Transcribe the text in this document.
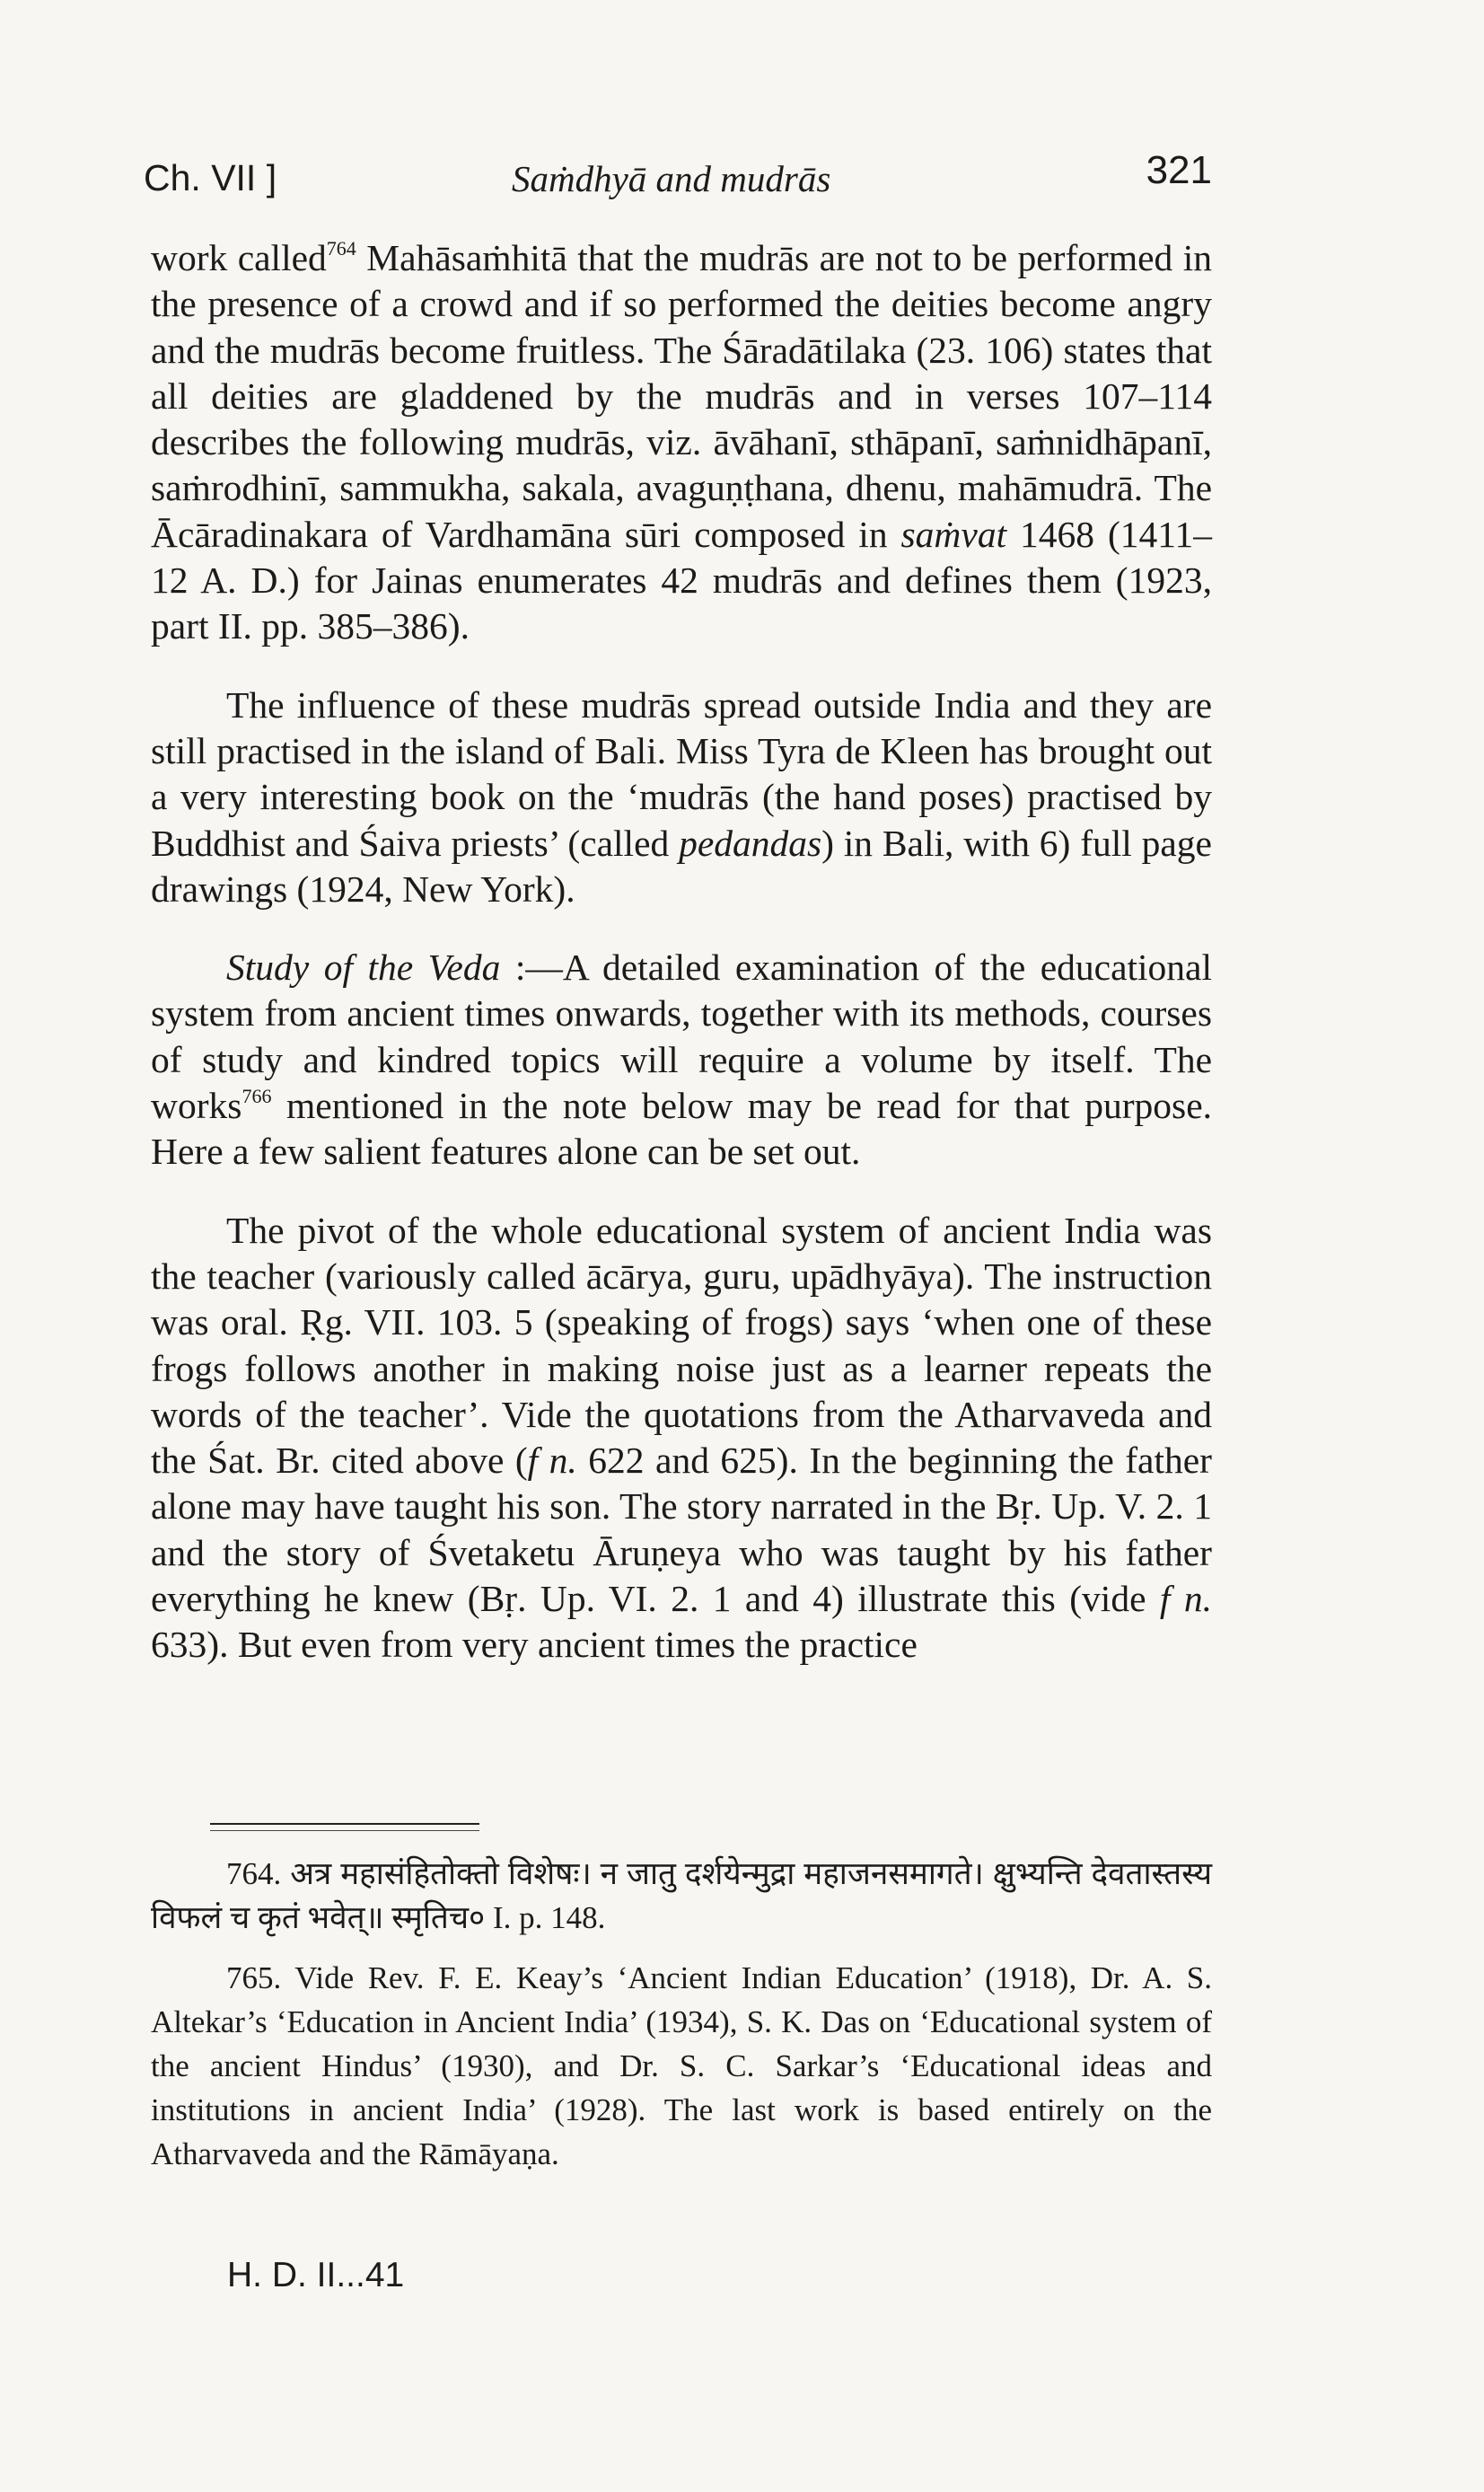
Ch. VII ]	Saṁdhyā and mudrās	321

work called$^{764}$ Mahāsaṁhitā that the mudrās are not to be performed in the presence of a crowd and if so performed the deities become angry and the mudrās become fruitless. The Śāradātilaka (23. 106) states that all deities are gladdened by the mudrās and in verses 107–114 describes the following mudrās, viz. āvāhanī, sthāpanī, saṁnidhāpanī, saṁrodhinī, sammukha, sakala, avaguṇṭhana, dhenu, mahāmudrā. The Ācāradinakara of Vardhamāna sūri composed in saṁvat 1468 (1411–12 A. D.) for Jainas enumerates 42 mudrās and defines them (1923, part II. pp. 385–386).

The influence of these mudrās spread outside India and they are still practised in the island of Bali. Miss Tyra de Kleen has brought out a very interesting book on the ‘mudrās (the hand poses) practised by Buddhist and Śaiva priests’ (called pedandas) in Bali, with 6) full page drawings (1924, New York).

Study of the Veda :—A detailed examination of the educational system from ancient times onwards, together with its methods, courses of study and kindred topics will require a volume by itself. The works$^{766}$ mentioned in the note below may be read for that purpose. Here a few salient features alone can be set out.

The pivot of the whole educational system of ancient India was the teacher (variously called ācārya, guru, upādhyāya). The instruction was oral. Ṛg. VII. 103. 5 (speaking of frogs) says ‘when one of these frogs follows another in making noise just as a learner repeats the words of the teacher’. Vide the quotations from the Atharvaveda and the Śat. Br. cited above (f n. 622 and 625). In the beginning the father alone may have taught his son. The story narrated in the Bṛ. Up. V. 2. 1 and the story of Śvetaketu Āruṇeya who was taught by his father everything he knew (Bṛ. Up. VI. 2. 1 and 4) illustrate this (vide f n. 633). But even from very ancient times the practice

764. अत्र महासंहितोक्तो विशेषः। न जातु दर्शयेन्मुद्रा महाजनसमागते। क्षुभ्यन्ति देवतास्तस्य विफलं च कृतं भवेत्॥ स्मृतिच० I. p. 148.

765. Vide Rev. F. E. Keay’s ‘Ancient Indian Education’ (1918), Dr. A. S. Altekar’s ‘Education in Ancient India’ (1934), S. K. Das on ‘Educational system of the ancient Hindus’ (1930), and Dr. S. C. Sarkar’s ‘Educational ideas and institutions in ancient India’ (1928). The last work is based entirely on the Atharvaveda and the Rāmāyaṇa.

H. D. II...41
